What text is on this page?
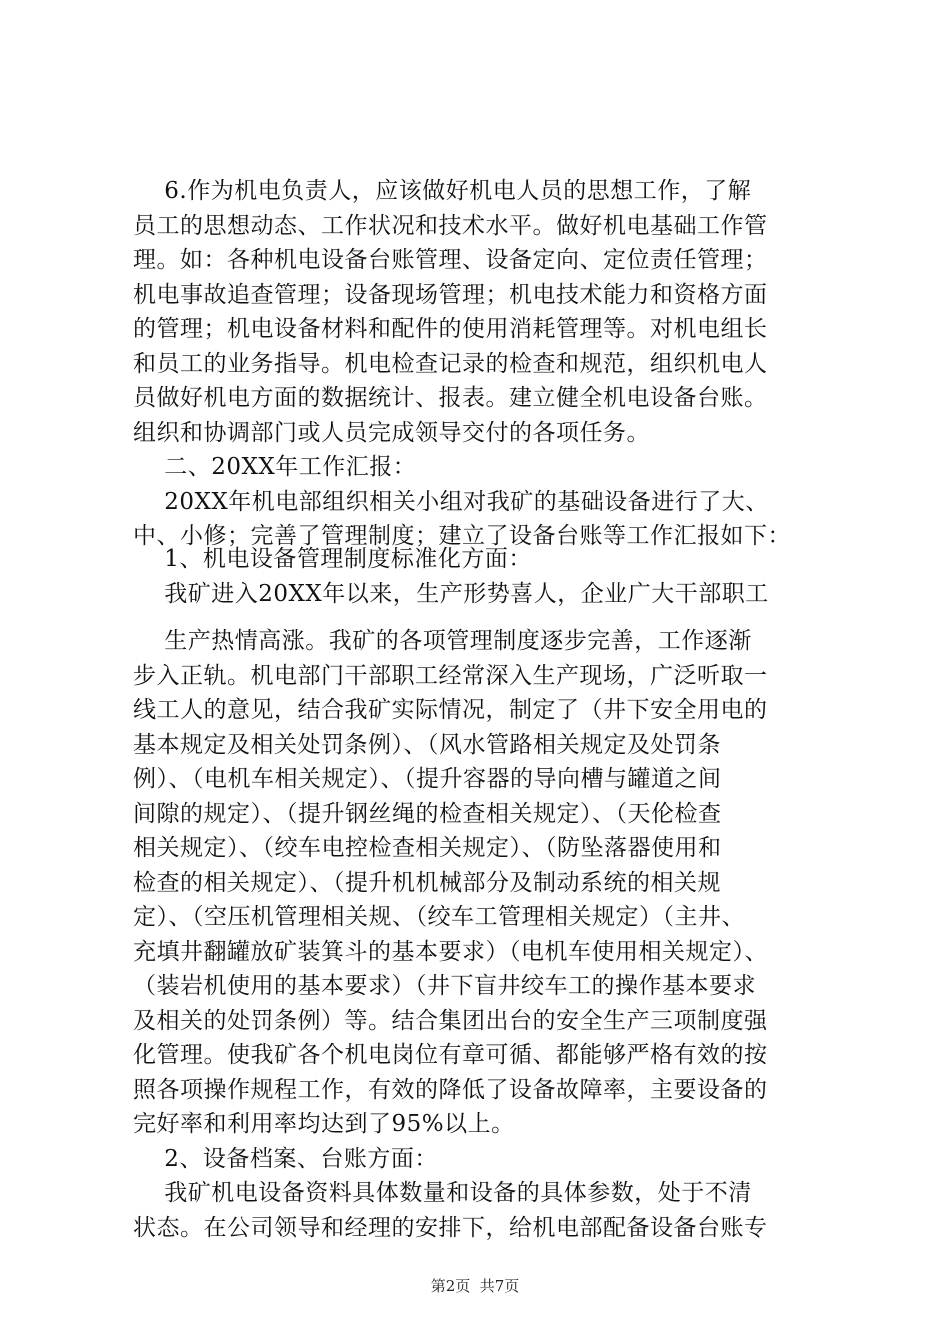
6.作为机电负责人，应该做好机电人员的思想工作，了解
员工的思想动态、工作状况和技术水平。做好机电基础工作管
理。如：各种机电设备台账管理、设备定向、定位责任管理；
机电事故追查管理；设备现场管理；机电技术能力和资格方面
的管理；机电设备材料和配件的使用消耗管理等。对机电组长
和员工的业务指导。机电检查记录的检查和规范，组织机电人
员做好机电方面的数据统计、报表。建立健全机电设备台账。
组织和协调部门或人员完成领导交付的各项任务。
二、20XX年工作汇报：
20XX年机电部组织相关小组对我矿的基础设备进行了大、
中、小修；完善了管理制度；建立了设备台账等工作汇报如下：
1、机电设备管理制度标准化方面：
我矿进入20XX年以来，生产形势喜人，企业广大干部职工
生产热情高涨。我矿的各项管理制度逐步完善，工作逐渐
步入正轨。机电部门干部职工经常深入生产现场，广泛听取一
线工人的意见，结合我矿实际情况，制定了（井下安全用电的
基本规定及相关处罚条例）、（风水管路相关规定及处罚条
例）、（电机车相关规定）、（提升容器的导向槽与罐道之间
间隙的规定）、（提升钢丝绳的检查相关规定）、（天伦检查
相关规定）、（绞车电控检查相关规定）、（防坠落器使用和
检查的相关规定）、（提升机机械部分及制动系统的相关规
定）、（空压机管理相关规、（绞车工管理相关规定）（主井、
充填井翻罐放矿装箕斗的基本要求）（电机车使用相关规定）、
（装岩机使用的基本要求）（井下盲井绞车工的操作基本要求
及相关的处罚条例）等。结合集团出台的安全生产三项制度强
化管理。使我矿各个机电岗位有章可循、都能够严格有效的按
照各项操作规程工作，有效的降低了设备故障率，主要设备的
完好率和利用率均达到了95%以上。
2、设备档案、台账方面：
我矿机电设备资料具体数量和设备的具体参数，处于不清
状态。在公司领导和经理的安排下，给机电部配备设备台账专
第2页  共7页
